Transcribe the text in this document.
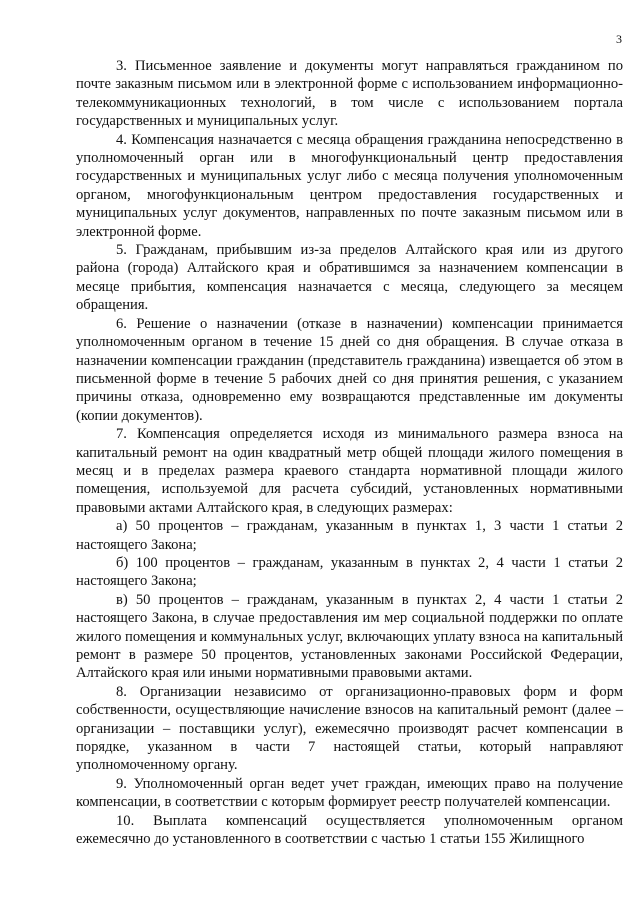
3

3. Письменное заявление и документы могут направляться гражданином по почте заказным письмом или в электронной форме с использованием информационно-телекоммуникационных технологий, в том числе с использованием портала государственных и муниципальных услуг.

4. Компенсация назначается с месяца обращения гражданина непосредственно в уполномоченный орган или в многофункциональный центр предоставления государственных и муниципальных услуг либо с месяца получения уполномоченным органом, многофункциональным центром предоставления государственных и муниципальных услуг документов, направленных по почте заказным письмом или в электронной форме.

5. Гражданам, прибывшим из-за пределов Алтайского края или из другого района (города) Алтайского края и обратившимся за назначением компенсации в месяце прибытия, компенсация назначается с месяца, следующего за месяцем обращения.

6. Решение о назначении (отказе в назначении) компенсации принимается уполномоченным органом в течение 15 дней со дня обращения. В случае отказа в назначении компенсации гражданин (представитель гражданина) извещается об этом в письменной форме в течение 5 рабочих дней со дня принятия решения, с указанием причины отказа, одновременно ему возвращаются представленные им документы (копии документов).

7. Компенсация определяется исходя из минимального размера взноса на капитальный ремонт на один квадратный метр общей площади жилого помещения в месяц и в пределах размера краевого стандарта нормативной площади жилого помещения, используемой для расчета субсидий, установленных нормативными правовыми актами Алтайского края, в следующих размерах:

а) 50 процентов – гражданам, указанным в пунктах 1, 3 части 1 статьи 2 настоящего Закона;

б) 100 процентов – гражданам, указанным в пунктах 2, 4 части 1 статьи 2 настоящего Закона;

в) 50 процентов – гражданам, указанным в пунктах 2, 4 части 1 статьи 2 настоящего Закона, в случае предоставления им мер социальной поддержки по оплате жилого помещения и коммунальных услуг, включающих уплату взноса на капитальный ремонт в размере 50 процентов, установленных законами Российской Федерации, Алтайского края или иными нормативными правовыми актами.

8. Организации независимо от организационно-правовых форм и форм собственности, осуществляющие начисление взносов на капитальный ремонт (далее – организации – поставщики услуг), ежемесячно производят расчет компенсации в порядке, указанном в части 7 настоящей статьи, который направляют уполномоченному органу.

9. Уполномоченный орган ведет учет граждан, имеющих право на получение компенсации, в соответствии с которым формирует реестр получателей компенсации.

10. Выплата компенсаций осуществляется уполномоченным органом ежемесячно до установленного в соответствии с частью 1 статьи 155 Жилищного
